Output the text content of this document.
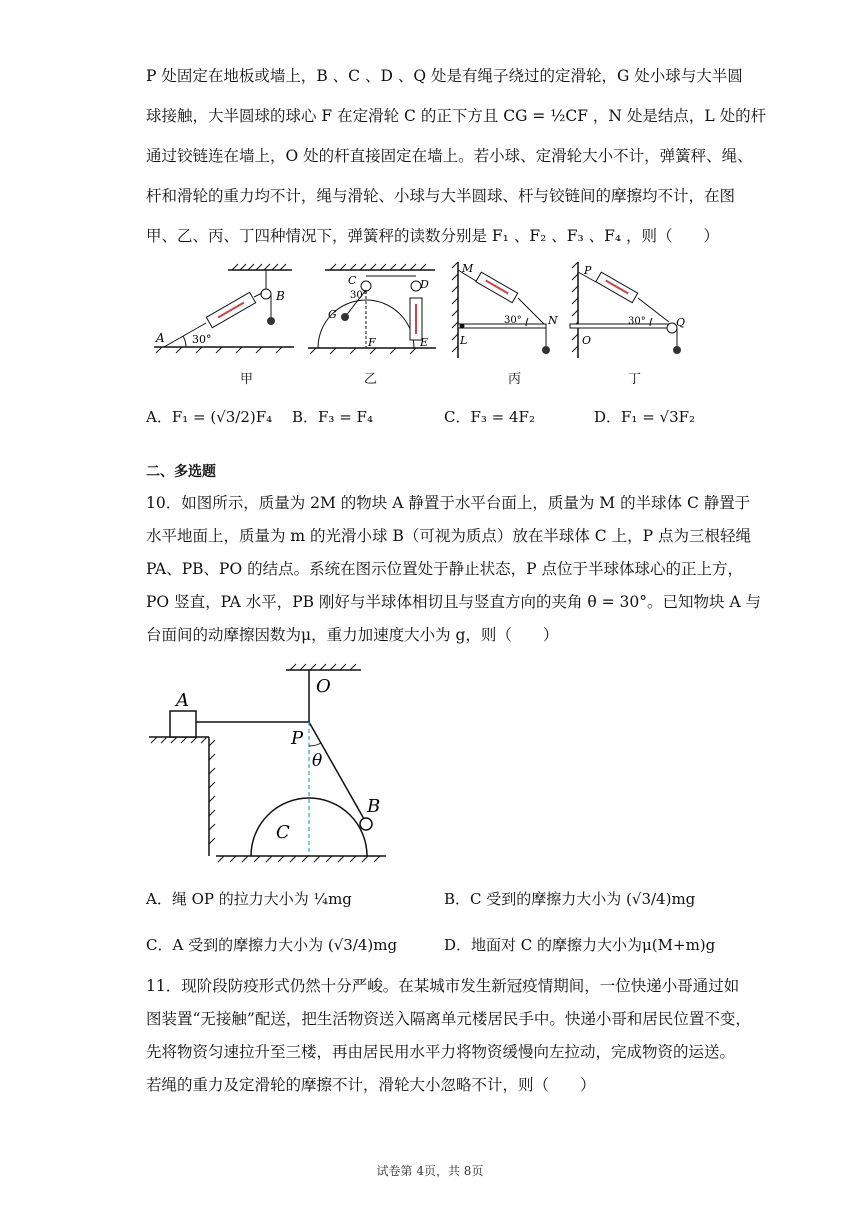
P 处固定在地板或墙上，B 、C 、D 、Q 处是有绳子绕过的定滑轮，G 处小球与大半圆
球接触，大半圆球的球心 F 在定滑轮 C 的正下方且 CG = ½CF ，N 处是结点，L 处的杆
通过铰链连在墙上，O 处的杆直接固定在墙上。若小球、定滑轮大小不计，弹簧秤、绳、
杆和滑轮的重力均不计，绳与滑轮、小球与大半圆球、杆与铰链间的摩擦均不计，在图
甲、乙、丙、丁四种情况下，弹簧秤的读数分别是 F₁ 、F₂ 、F₃ 、F₄ ，则（　　）
A
B
30°
C	D
G
F	E
30°
M
N
L
30°
P
Q
O
30°
甲	乙	丙	丁
A．F₁ = (√3/2)F₄ B．F₃ = F₄	C．F₃ = 4F₂	D．F₁ = √3F₂
二、多选题
10．如图所示，质量为 2M 的物块 A 静置于水平台面上，质量为 M 的半球体 C 静置于
水平地面上，质量为 m 的光滑小球 B（可视为质点）放在半球体 C 上，P 点为三根轻绳
PA、PB、PO 的结点。系统在图示位置处于静止状态，P 点位于半球体球心的正上方，
PO 竖直，PA 水平，PB 刚好与半球体相切且与竖直方向的夹角 θ = 30°。已知物块 A 与
台面间的动摩擦因数为μ，重力加速度大小为 g，则（　　）
A
O
P
θ
B
C
A．绳 OP 的拉力大小为 ¼mg	B．C 受到的摩擦力大小为 (√3/4)mg
C．A 受到的摩擦力大小为 (√3/4)mg	D．地面对 C 的摩擦力大小为μ(M+m)g
11．现阶段防疫形式仍然十分严峻。在某城市发生新冠疫情期间，一位快递小哥通过如
图装置“无接触”配送，把生活物资送入隔离单元楼居民手中。快递小哥和居民位置不变，
先将物资匀速拉升至三楼，再由居民用水平力将物资缓慢向左拉动，完成物资的运送。
若绳的重力及定滑轮的摩擦不计，滑轮大小忽略不计，则（　　）
试卷第 4页，共 8页
